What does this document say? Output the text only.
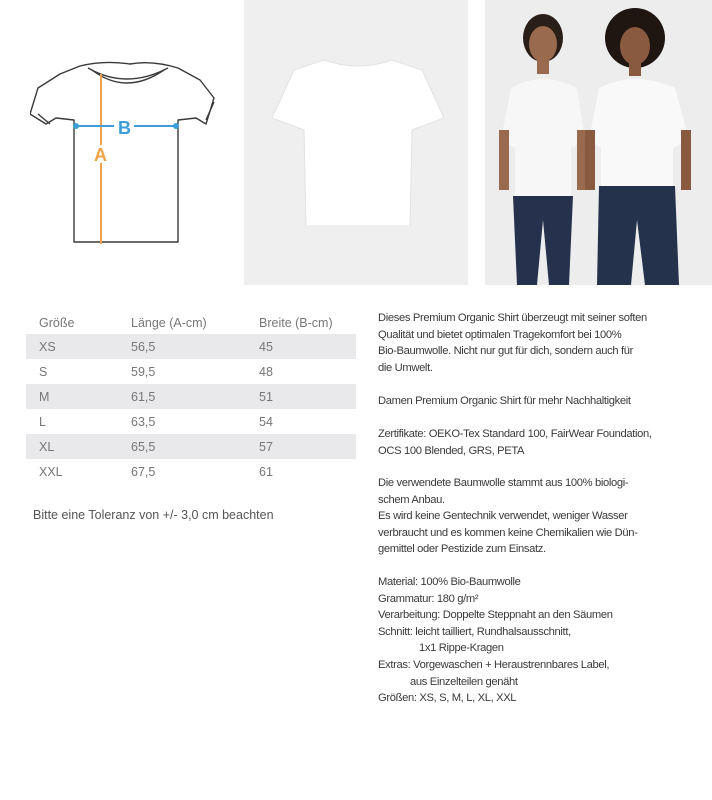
B
A
Größe	Länge (A-cm)	Breite (B-cm)
XS	56,5	45
S	59,5	48
M	61,5	51
L	63,5	54
XL	65,5	57
XXL	67,5	61
Bitte eine Toleranz von +/- 3,0 cm beachten

Dieses Premium Organic Shirt überzeugt mit seiner soften

Qualität und bietet optimalen Tragekomfort bei 100%

Bio-Baumwolle. Nicht nur gut für dich, sondern auch für

die Umwelt.

Damen Premium Organic Shirt für mehr Nachhaltigkeit

Zertifikate: OEKO-Tex Standard 100, FairWear Foundation,

OCS 100 Blended, GRS, PETA

Die verwendete Baumwolle stammt aus 100% biologi-

schem Anbau.

Es wird keine Gentechnik verwendet, weniger Wasser

verbraucht und es kommen keine Chemikalien wie Dün-

gemittel oder Pestizide zum Einsatz.

Material: 100% Bio-Baumwolle

Grammatur: 180 g/m²

Verarbeitung: Doppelte Steppnaht an den Säumen

Schnitt: leicht tailliert, Rundhalsausschnitt,

1x1 Rippe-Kragen

Extras: Vorgewaschen + Heraustrennbares Label,

aus Einzelteilen genäht

Größen: XS, S, M, L, XL, XXL
